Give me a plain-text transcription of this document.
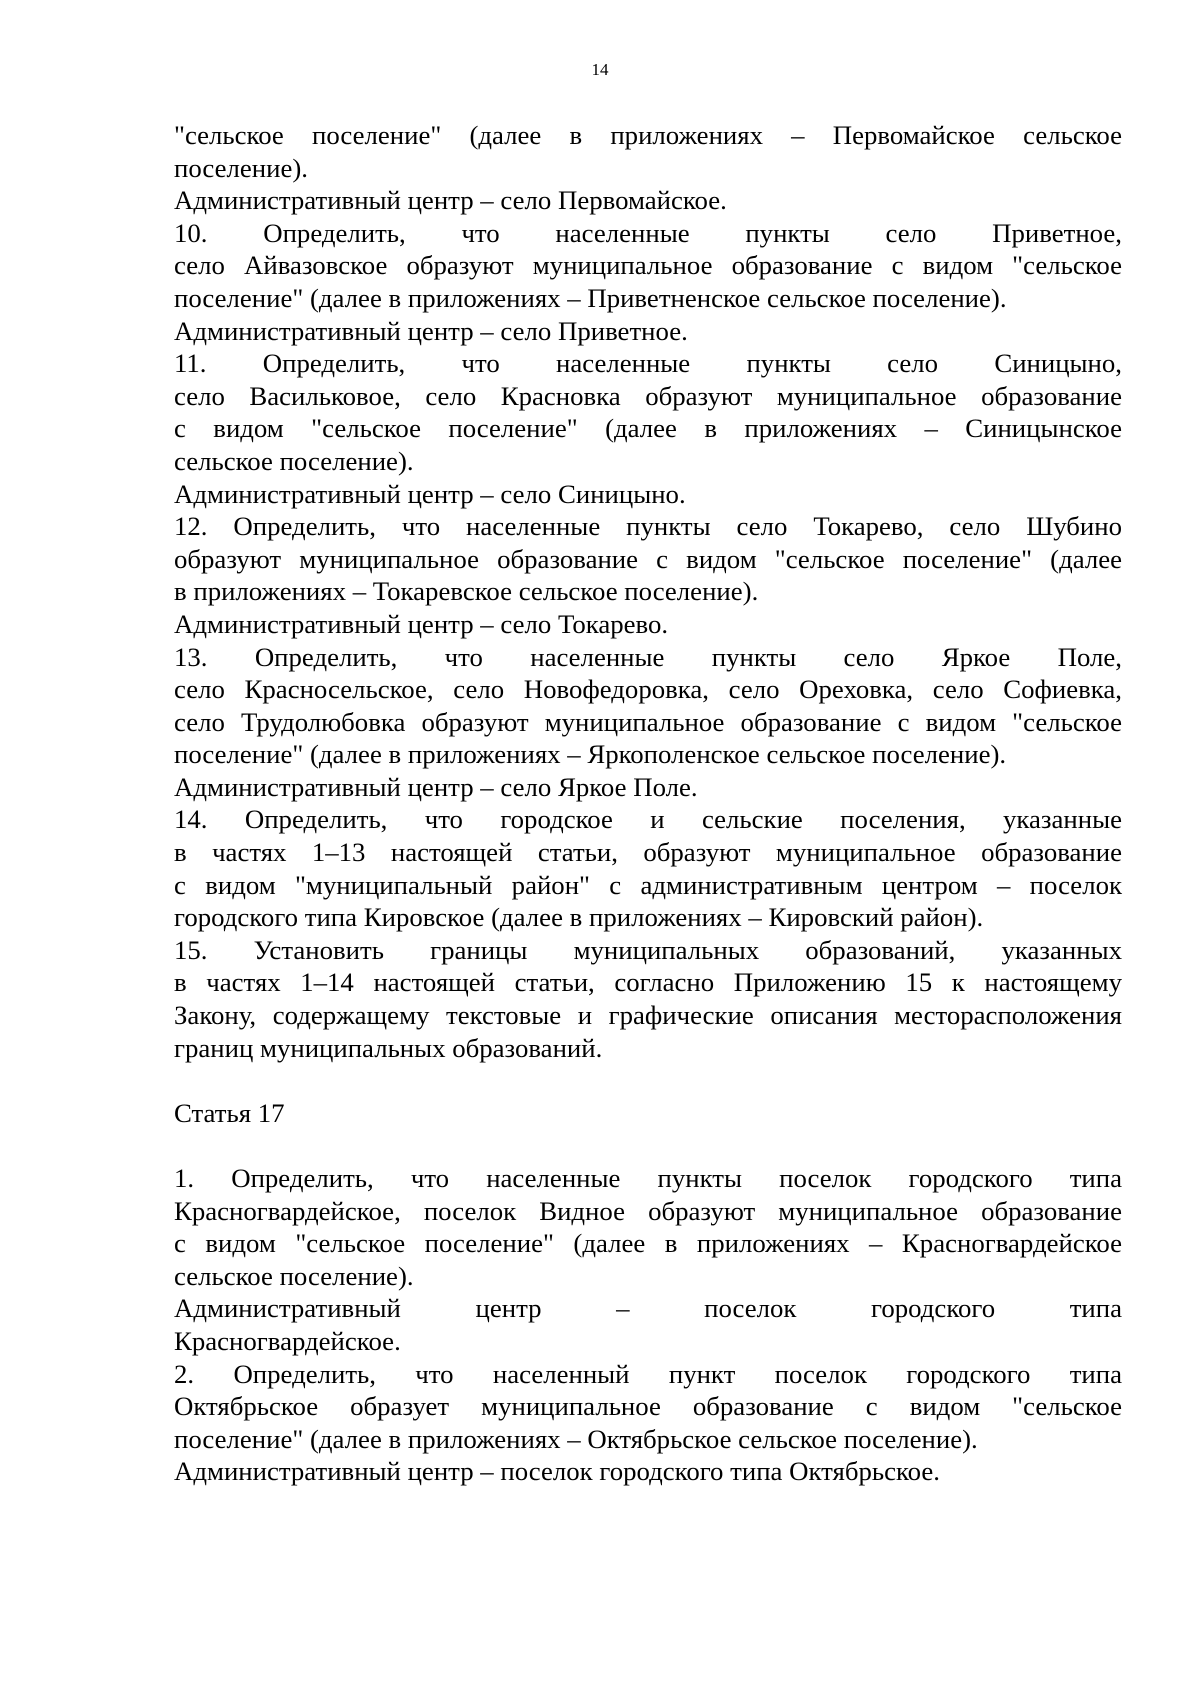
14
"сельское поселение" (далее в приложениях – Первомайское сельское
поселение).
Административный центр – село Первомайское.
10. Определить, что населенные пункты село Приветное,
село Айвазовское образуют муниципальное образование с видом "сельское
поселение" (далее в приложениях – Приветненское сельское поселение).
Административный центр – село Приветное.
11. Определить, что населенные пункты село Синицыно,
село Васильковое, село Красновка образуют муниципальное образование
с видом "сельское поселение" (далее в приложениях – Синицынское
сельское поселение).
Административный центр – село Синицыно.
12. Определить, что населенные пункты село Токарево, село Шубино
образуют муниципальное образование с видом "сельское поселение" (далее
в приложениях – Токаревское сельское поселение).
Административный центр – село Токарево.
13. Определить, что населенные пункты село Яркое Поле,
село Красносельское, село Новофедоровка, село Ореховка, село Софиевка,
село Трудолюбовка образуют муниципальное образование с видом "сельское
поселение" (далее в приложениях – Яркополенское сельское поселение).
Административный центр – село Яркое Поле.
14. Определить, что городское и сельские поселения, указанные
в частях 1–13 настоящей статьи, образуют муниципальное образование
с видом "муниципальный район" с административным центром – поселок
городского типа Кировское (далее в приложениях – Кировский район).
15. Установить границы муниципальных образований, указанных
в частях 1–14 настоящей статьи, согласно Приложению 15 к настоящему
Закону, содержащему текстовые и графические описания месторасположения
границ муниципальных образований.
Статья 17
1. Определить, что населенные пункты поселок городского типа
Красногвардейское, поселок Видное образуют муниципальное образование
с видом "сельское поселение" (далее в приложениях – Красногвардейское
сельское поселение).
Административный центр – поселок городского типа
Красногвардейское.
2. Определить, что населенный пункт поселок городского типа
Октябрьское образует муниципальное образование с видом "сельское
поселение" (далее в приложениях – Октябрьское сельское поселение).
Административный центр – поселок городского типа Октябрьское.
